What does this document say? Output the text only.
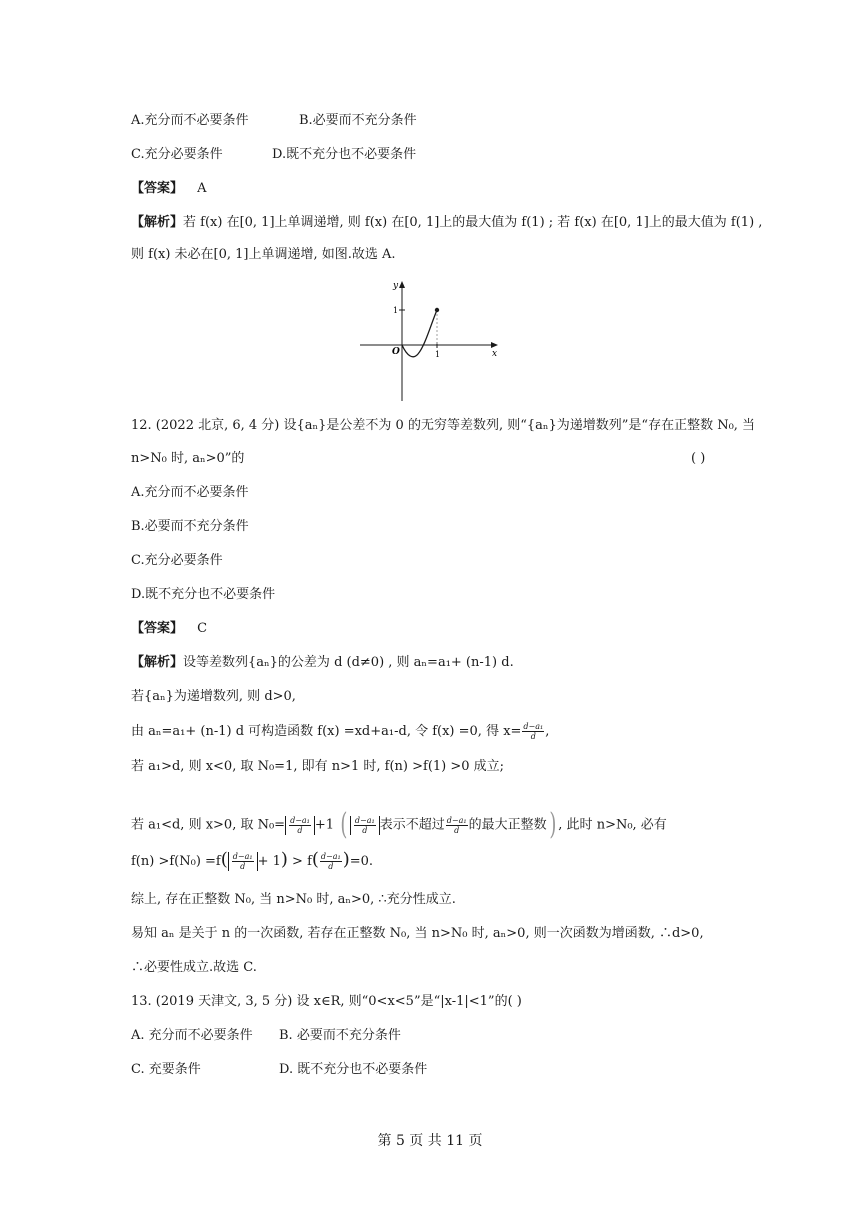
A.充分而不必要条件	B.必要而不充分条件
C.充分必要条件	D.既不充分也不必要条件
【答案】 A
【解析】若 f(x) 在[0, 1]上单调递增, 则 f(x) 在[0, 1]上的最大值为 f(1) ; 若 f(x) 在[0, 1]上的最大值为 f(1) ,
则 f(x) 未必在[0, 1]上单调递增, 如图.故选 A.
y
x
O	1
1
12. (2022 北京, 6, 4 分) 设{aₙ}是公差不为 0 的无穷等差数列, 则“{aₙ}为递增数列”是“存在正整数 N₀, 当
n>N₀ 时, aₙ>0”的	( )
A.充分而不必要条件
B.必要而不充分条件
C.充分必要条件
D.既不充分也不必要条件
【答案】 C
【解析】设等差数列{aₙ}的公差为 d (d≠0) , 则 aₙ=a₁+ (n-1) d.
若{aₙ}为递增数列, 则 d>0,
由 aₙ=a₁+ (n-1) d 可构造函数 f(x) =xd+a₁-d, 令 f(x) =0, 得 $x= \frac{\text{d−a₁}}{d}$ ,
若 a₁>d, 则 x<0, 取 N₀=1, 即有 n>1 时, f(n) >f(1) >0 成立;
若 a₁<d, 则 x>0, 取 $N_0= \frac{\text{d−a₁}}{d} +1$ ( $\frac{\text{d−a₁}}{d}$ 表示不超过 $\frac{\text{d−a₁}}{d}$ 的最大正整数) , 此时 n>N₀, 必有
$f(n) >f(N_0) =f( \frac{\text{d−a₁}}{d} + 1) > f( \frac{\text{d−a₁}}{d} )=0$.
综上, 存在正整数 N₀, 当 n>N₀ 时, aₙ>0, ∴充分性成立.
易知 aₙ 是关于 n 的一次函数, 若存在正整数 N₀, 当 n>N₀ 时, aₙ>0, 则一次函数为增函数, ∴d>0,
∴必要性成立.故选 C.
13. (2019 天津文, 3, 5 分) 设 x∈R, 则“0<x<5”是“|x-1|<1”的( )
A. 充分而不必要条件 B. 必要而不充分条件
C. 充要条件	D. 既不充分也不必要条件
第 5 页 共 11 页
